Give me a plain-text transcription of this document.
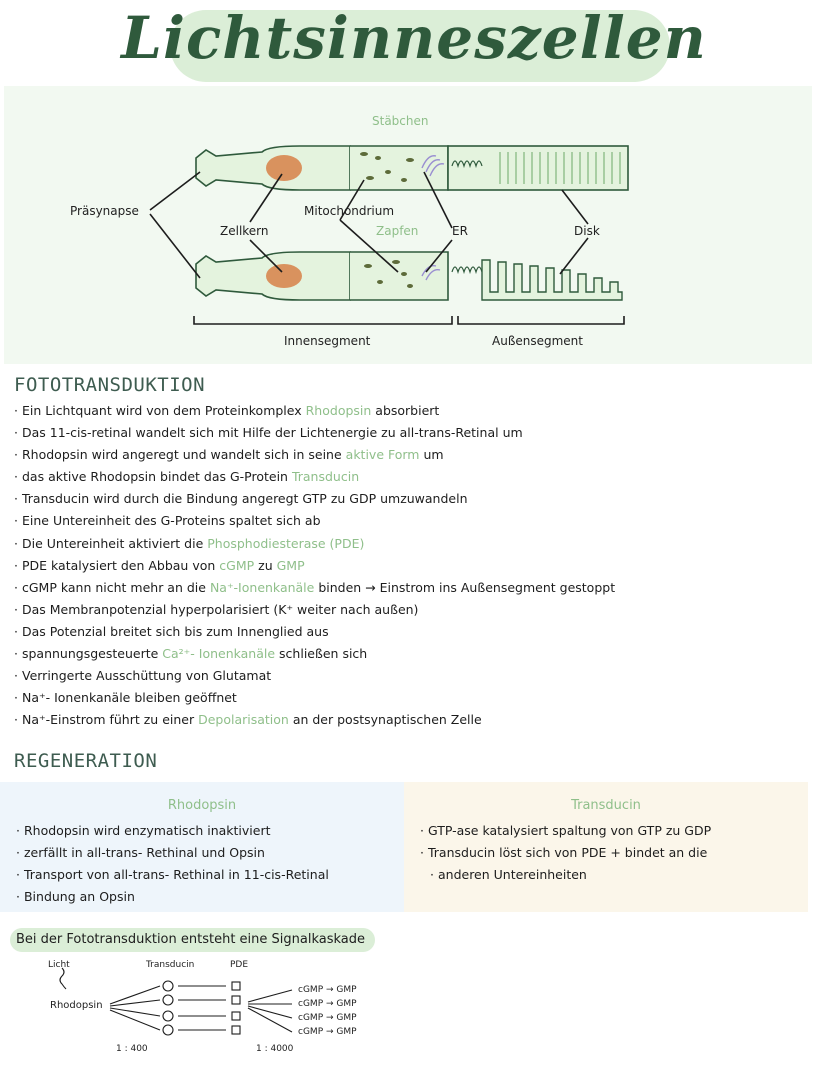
Lichtsinneszellen
Stäbchen
Zapfen
Präsynapse
Zellkern
Mitochondrium
ER	Disk
Innensegment	Außensegment
FOTOTRANSDUKTION
· Ein Lichtquant wird von dem Proteinkomplex Rhodopsin absorbiert
· Das 11-cis-retinal wandelt sich mit Hilfe der Lichtenergie zu all-trans-Retinal um
· Rhodopsin wird angeregt und wandelt sich in seine aktive Form um
· das aktive Rhodopsin bindet das G-Protein Transducin
· Transducin wird durch die Bindung angeregt GTP zu GDP umzuwandeln
· Eine Untereinheit des G-Proteins spaltet sich ab
· Die Untereinheit aktiviert die Phosphodiesterase (PDE)
· PDE katalysiert den Abbau von cGMP zu GMP
· cGMP kann nicht mehr an die Na⁺-Ionenkanäle binden → Einstrom ins Außensegment gestoppt
· Das Membranpotenzial hyperpolarisiert (K⁺ weiter nach außen)
· Das Potenzial breitet sich bis zum Innenglied aus
· spannungsgesteuerte Ca²⁺- Ionenkanäle schließen sich
· Verringerte Ausschüttung von Glutamat
· Na⁺- Ionenkanäle bleiben geöffnet
· Na⁺-Einstrom führt zu einer Depolarisation an der postsynaptischen Zelle
REGENERATION
Rhodopsin
· Rhodopsin wird enzymatisch inaktiviert
· zerfällt in all-trans- Rethinal und Opsin
· Transport von all-trans- Rethinal in 11-cis-Retinal
· Bindung an Opsin
Transducin
· GTP-ase katalysiert spaltung von GTP zu GDP
· Transducin löst sich von PDE + bindet an die
· anderen Untereinheiten
Bei der Fototransduktion entsteht eine Signalkaskade
Licht	Transducin	PDE
Rhodopsin
cGMP → GMP
cGMP → GMP
cGMP → GMP
cGMP → GMP
1 : 400	1 : 4000
